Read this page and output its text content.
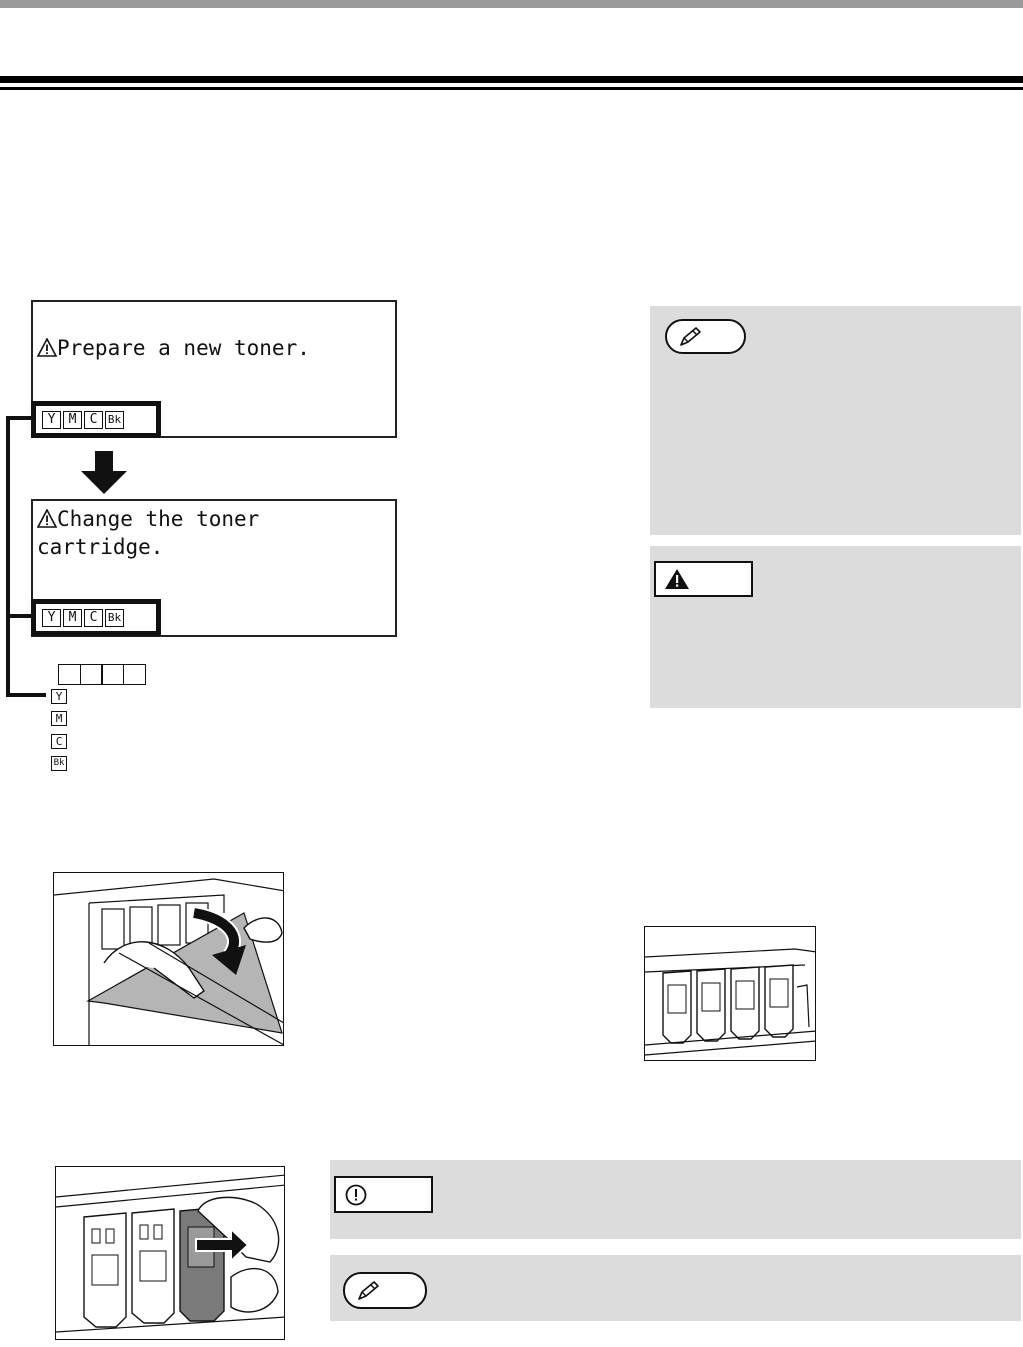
Prepare a new toner.

Y	M	C Bk
Change the toner
cartridge.
Y	M	C Bk
Y
M
C
Bk
